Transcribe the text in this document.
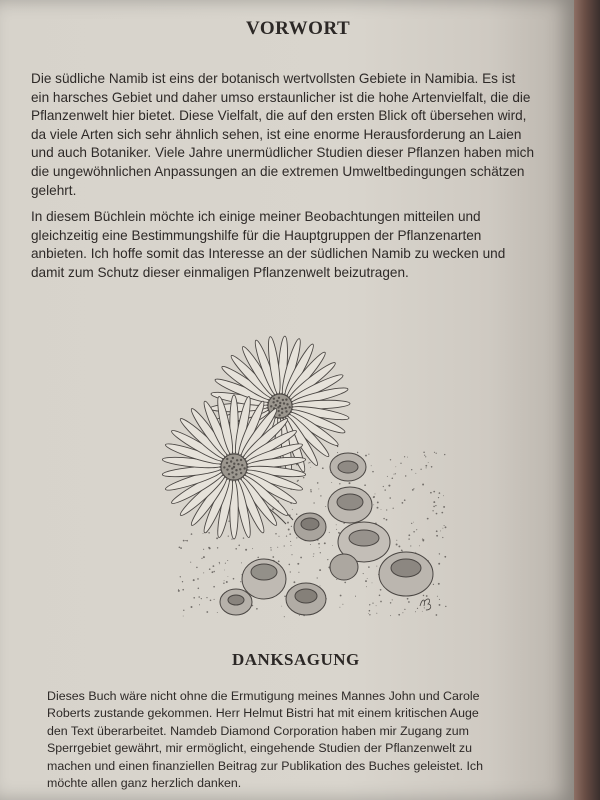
VORWORT

Die südliche Namib ist eins der botanisch wertvollsten Gebiete in Namibia. Es ist
ein harsches Gebiet und daher umso erstaunlicher ist die hohe Artenvielfalt, die die
Pflanzenwelt hier bietet. Diese Vielfalt, die auf den ersten Blick oft übersehen wird,
da viele Arten sich sehr ähnlich sehen, ist eine enorme Herausforderung an Laien
und auch Botaniker. Viele Jahre unermüdlicher Studien dieser Pflanzen haben mich
die ungewöhnlichen Anpassungen an die extremen Umweltbedingungen schätzen
gelehrt.

In diesem Büchlein möchte ich einige meiner Beobachtungen mitteilen und
gleichzeitig eine Bestimmungshilfe für die Hauptgruppen der Pflanzenarten
anbieten. Ich hoffe somit das Interesse an der südlichen Namib zu wecken und
damit zum Schutz dieser einmaligen Pflanzenwelt beizutragen.

DANKSAGUNG

Dieses Buch wäre nicht ohne die Ermutigung meines Mannes John und Carole
Roberts zustande gekommen. Herr Helmut Bistri hat mit einem kritischen Auge
den Text überarbeitet. Namdeb Diamond Corporation haben mir Zugang zum
Sperrgebiet gewährt, mir ermöglicht, eingehende Studien der Pflanzenwelt zu
machen und einen finanziellen Beitrag zur Publikation des Buches geleistet. Ich
möchte allen ganz herzlich danken.
